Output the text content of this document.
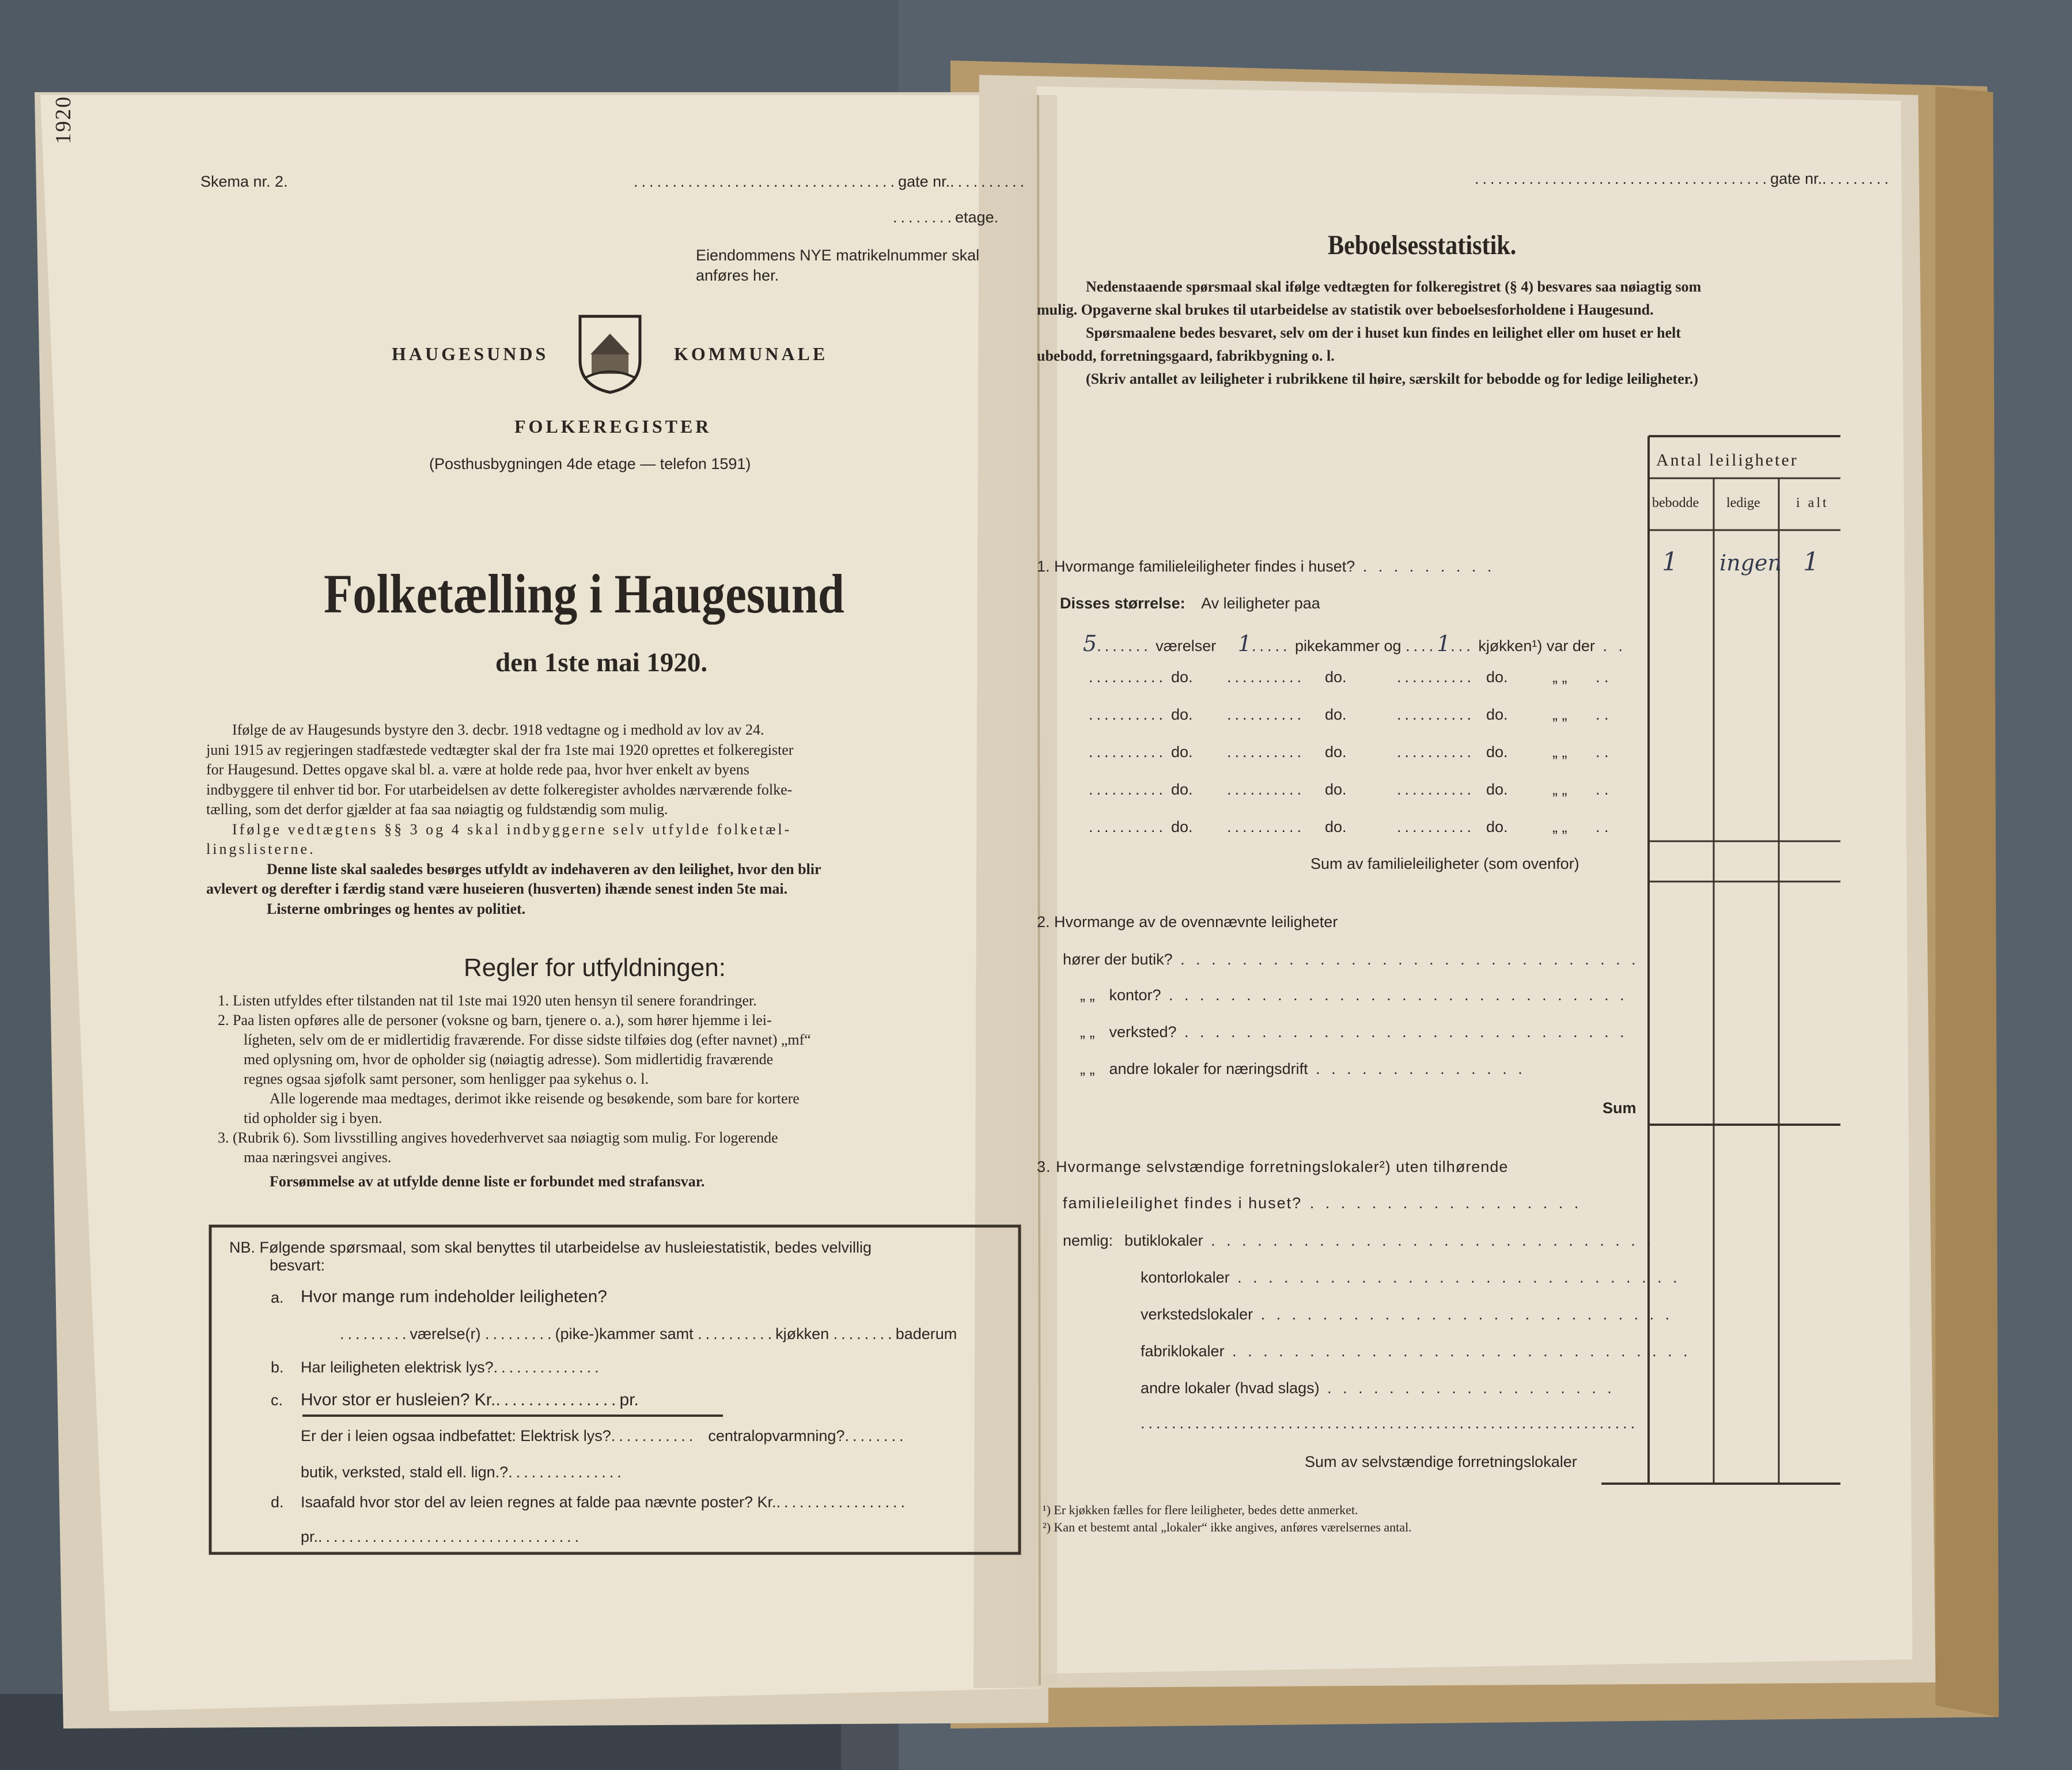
1920
Skema nr. 2.	..................................gate nr...........
........etage.
Eiendommens NYE matrikelnummer skal
anføres her.
HAUGESUNDS	KOMMUNALE
FOLKEREGISTER
(Posthusbygningen 4de etage — telefon 1591)
Folketælling i Haugesund
den 1ste mai 1920.
Ifølge de av Haugesunds bystyre den 3. decbr. 1918 vedtagne og i medhold av lov av 24.
juni 1915 av regjeringen stadfæstede vedtægter skal der fra 1ste mai 1920 oprettes et folkeregister
for Haugesund. Dettes opgave skal bl. a. være at holde rede paa, hvor hver enkelt av byens
indbyggere til enhver tid bor. For utarbeidelsen av dette folkeregister avholdes nærværende folke-
tælling, som det derfor gjælder at faa saa nøiagtig og fuldstændig som mulig.
Ifølge vedtægtens §§ 3 og 4 skal indbyggerne selv utfylde folketæl-
lingslisterne.
Denne liste skal saaledes besørges utfyldt av indehaveren av den leilighet, hvor den blir
avlevert og derefter i færdig stand være huseieren (husverten) ihænde senest inden 5te mai.
Listerne ombringes og hentes av politiet.
Regler for utfyldningen:
1. Listen utfyldes efter tilstanden nat til 1ste mai 1920 uten hensyn til senere forandringer.
2. Paa listen opføres alle de personer (voksne og barn, tjenere o. a.), som hører hjemme i lei-
lígheten, selv om de er midlertidig fraværende. For disse sidste tilføies dog (efter navnet) „mf“
med oplysning om, hvor de opholder sig (nøiagtig adresse). Som midlertidig fraværende
regnes ogsaa sjøfolk samt personer, som henligger paa sykehus o. l.
Alle logerende maa medtages, derimot ikke reisende og besøkende, som bare for kortere
tid opholder sig i byen.
3. (Rubrik 6). Som livsstilling angives hovederhvervet saa nøiagtig som mulig. For logerende
maa næringsvei angives.
Forsømmelse av at utfylde denne liste er forbundet med strafansvar.
NB. Følgende spørsmaal, som skal benyttes til utarbeidelse av husleiestatistik, bedes velvillig
besvart:
a. Hvor mange rum indeholder leiligheten?
.........værelse(r) .........(pike-)kammer samt ..........kjøkken ........baderum
b. Har leiligheten elektrisk lys?..............
c. Hvor stor er husleien? Kr................pr.
Er der i leien ogsaa indbefattet: Elektrisk lys?........... centralopvarmning?........
butik, verksted, stald ell. lign.?...............
d. Isaafald hvor stor del av leien regnes at falde paa nævnte poster? Kr..................
pr...................................
......................................gate nr..........
Beboelsesstatistik.
Nedenstaaende spørsmaal skal ifølge vedtægten for folkeregistret (§ 4) besvares saa nøiagtig som
mulig. Opgaverne skal brukes til utarbeidelse av statistik over beboelsesforholdene i Haugesund.
Spørsmaalene bedes besvaret, selv om der i huset kun findes en leilighet eller om huset er helt
ubebodd, forretningsgaard, fabrikbygning o. l.
(Skriv antallet av leiligheter i rubrikkene til høire, særskilt for bebodde og for ledige leiligheter.)
Antal leiligheter
bebodde ledige	i alt
1. Hvormange familieleiligheter findes i huset? . . . . . . . . .	1 ingen 1
Disses størrelse: Av leiligheter paa
5....... værelser 1..... pikekammer og ....1... kjøkken¹) var der . .
.......... do. .......... do.	.......... do.	„ „ . .
.......... do. .......... do.	.......... do.	„ „ . .
.......... do. .......... do.	.......... do.	„ „ . .
.......... do. .......... do.	.......... do.	„ „ . .
.......... do. .......... do.	.......... do.	„ „ . .
Sum av familieleiligheter (som ovenfor)
2. Hvormange av de ovennævnte leiligheter
hører der butik? . . . . . . . . . . . . . . . . . . . . . . . . . . . . . .
„ „ kontor? . . . . . . . . . . . . . . . . . . . . . . . . . . . . . .
„ „ verksted? . . . . . . . . . . . . . . . . . . . . . . . . . . . . .
„ „ andre lokaler for næringsdrift . . . . . . . . . . . . . .
Sum
3. Hvormange selvstændige forretningslokaler²) uten tilhørende
familieleilighet findes i huset? . . . . . . . . . . . . . . . . . .
nemlig: butiklokaler . . . . . . . . . . . . . . . . . . . . . . . . . . . . .
kontorlokaler . . . . . . . . . . . . . . . . . . . . . . . . . . . . .
verkstedslokaler . . . . . . . . . . . . . . . . . . . . . . . . . . .
fabriklokaler . . . . . . . . . . . . . . . . . . . . . . . . . . . . . .
andre lokaler (hvad slags) . . . . . . . . . . . . . . . . . . .
................................................................
Sum av selvstændige forretningslokaler
¹) Er kjøkken fælles for flere leiligheter, bedes dette anmerket.
²) Kan et bestemt antal „lokaler“ ikke angives, anføres værelsernes antal.
